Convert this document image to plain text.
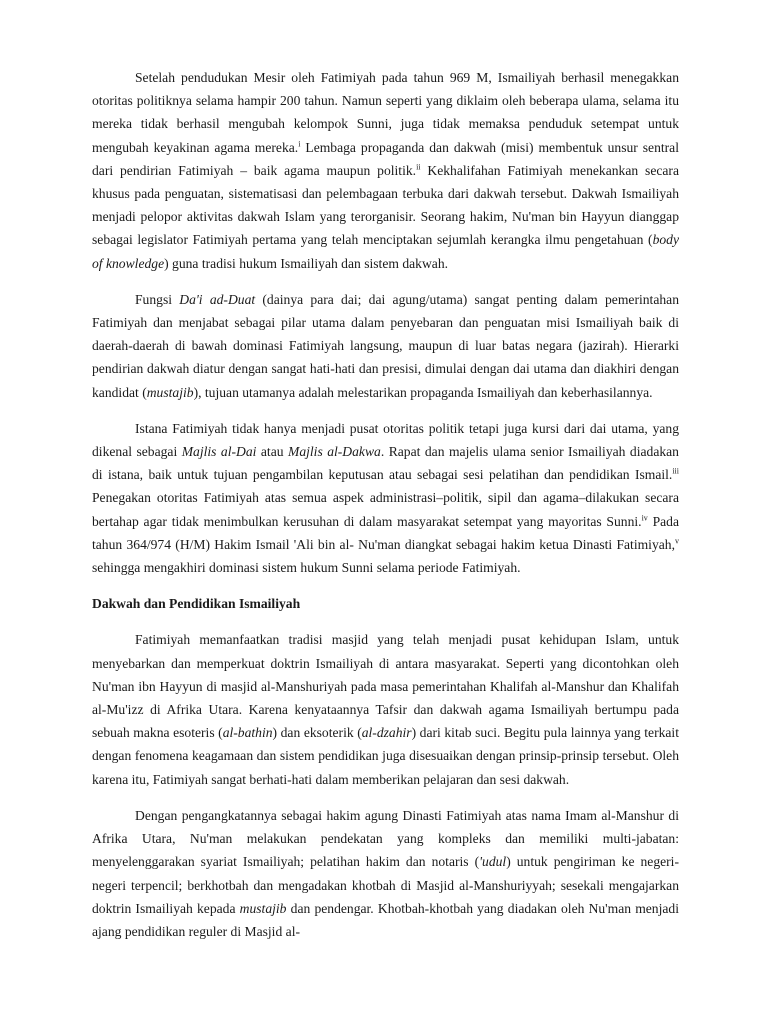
Setelah pendudukan Mesir oleh Fatimiyah pada tahun 969 M, Ismailiyah berhasil menegakkan otoritas politiknya selama hampir 200 tahun. Namun seperti yang diklaim oleh beberapa ulama, selama itu mereka tidak berhasil mengubah kelompok Sunni, juga tidak memaksa penduduk setempat untuk mengubah keyakinan agama mereka.$^i$ Lembaga propaganda dan dakwah (misi) membentuk unsur sentral dari pendirian Fatimiyah – baik agama maupun politik.$^{ii}$ Kekhalifahan Fatimiyah menekankan secara khusus pada penguatan, sistematisasi dan pelembagaan terbuka dari dakwah tersebut. Dakwah Ismailiyah menjadi pelopor aktivitas dakwah Islam yang terorganisir. Seorang hakim, Nu'man bin Hayyun dianggap sebagai legislator Fatimiyah pertama yang telah menciptakan sejumlah kerangka ilmu pengetahuan (body of knowledge) guna tradisi hukum Ismailiyah dan sistem dakwah.

Fungsi Da'i ad-Duat (dainya para dai; dai agung/utama) sangat penting dalam pemerintahan Fatimiyah dan menjabat sebagai pilar utama dalam penyebaran dan penguatan misi Ismailiyah baik di daerah-daerah di bawah dominasi Fatimiyah langsung, maupun di luar batas negara (jazirah). Hierarki pendirian dakwah diatur dengan sangat hati-hati dan presisi, dimulai dengan dai utama dan diakhiri dengan kandidat (mustajib), tujuan utamanya adalah melestarikan propaganda Ismailiyah dan keberhasilannya.

Istana Fatimiyah tidak hanya menjadi pusat otoritas politik tetapi juga kursi dari dai utama, yang dikenal sebagai Majlis al-Dai atau Majlis al-Dakwa. Rapat dan majelis ulama senior Ismailiyah diadakan di istana, baik untuk tujuan pengambilan keputusan atau sebagai sesi pelatihan dan pendidikan Ismail.$^{iii}$ Penegakan otoritas Fatimiyah atas semua aspek administrasi–politik, sipil dan agama–dilakukan secara bertahap agar tidak menimbulkan kerusuhan di dalam masyarakat setempat yang mayoritas Sunni.$^{iv}$ Pada tahun 364/974 (H/M) Hakim Ismail 'Ali bin al- Nu'man diangkat sebagai hakim ketua Dinasti Fatimiyah,$^v$ sehingga mengakhiri dominasi sistem hukum Sunni selama periode Fatimiyah.

Dakwah dan Pendidikan Ismailiyah

Fatimiyah memanfaatkan tradisi masjid yang telah menjadi pusat kehidupan Islam, untuk menyebarkan dan memperkuat doktrin Ismailiyah di antara masyarakat. Seperti yang dicontohkan oleh Nu'man ibn Hayyun di masjid al-Manshuriyah pada masa pemerintahan Khalifah al-Manshur dan Khalifah al-Mu'izz di Afrika Utara. Karena kenyataannya Tafsir dan dakwah agama Ismailiyah bertumpu pada sebuah makna esoteris (al-bathin) dan eksoterik (al-dzahir) dari kitab suci. Begitu pula lainnya yang terkait dengan fenomena keagamaan dan sistem pendidikan juga disesuaikan dengan prinsip-prinsip tersebut. Oleh karena itu, Fatimiyah sangat berhati-hati dalam memberikan pelajaran dan sesi dakwah.

Dengan pengangkatannya sebagai hakim agung Dinasti Fatimiyah atas nama Imam al-Manshur di Afrika Utara, Nu'man melakukan pendekatan yang kompleks dan memiliki multi-jabatan: menyelenggarakan syariat Ismailiyah; pelatihan hakim dan notaris ('udul) untuk pengiriman ke negeri-negeri terpencil; berkhotbah dan mengadakan khotbah di Masjid al-Manshuriyyah; sesekali mengajarkan doktrin Ismailiyah kepada mustajib dan pendengar. Khotbah-khotbah yang diadakan oleh Nu'man menjadi ajang pendidikan reguler di Masjid al-
